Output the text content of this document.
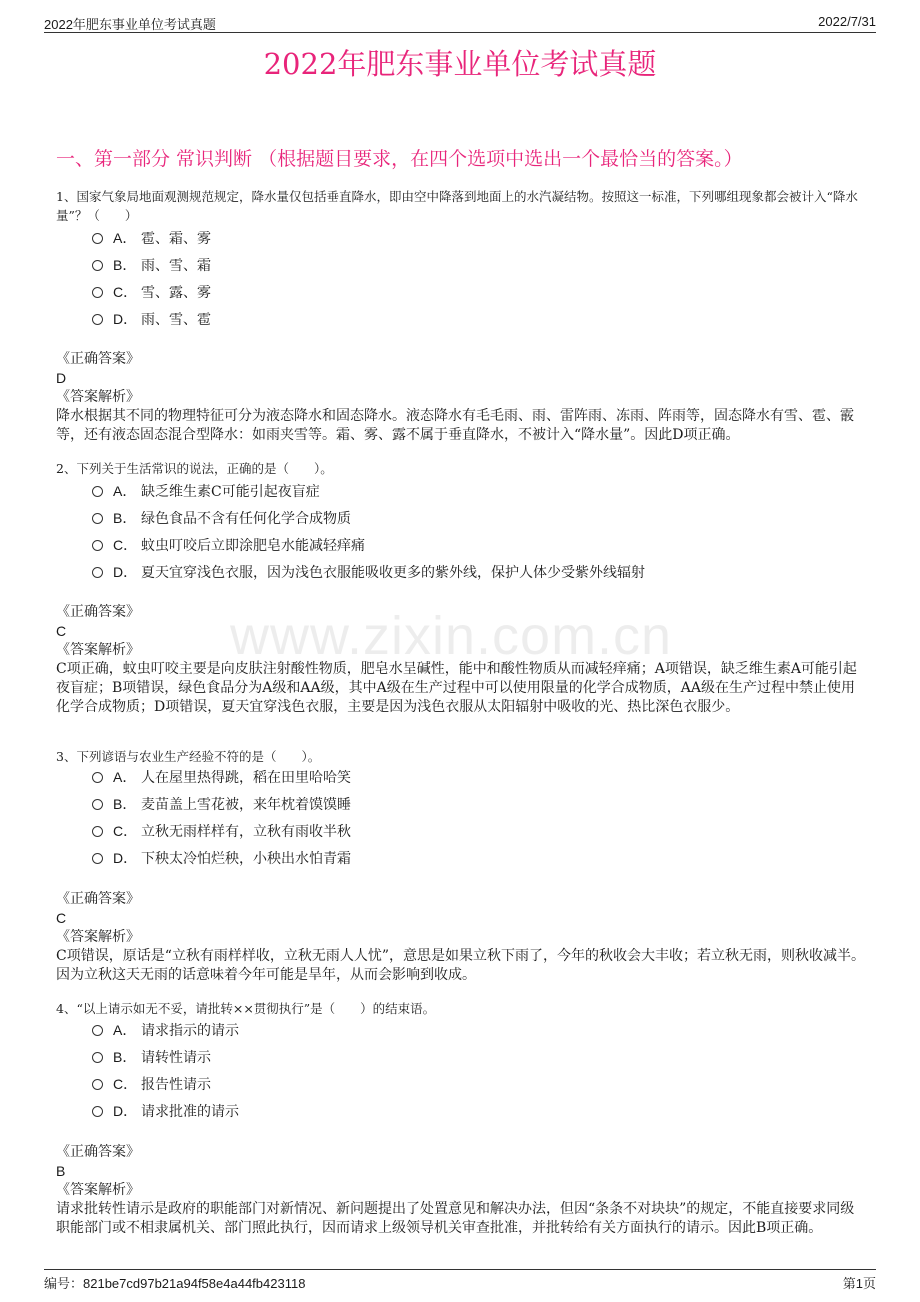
2022年肥东事业单位考试真题	2022/7/31
2022年肥东事业单位考试真题
一、第一部分 常识判断 （根据题目要求，在四个选项中选出一个最恰当的答案。）
www.zixin.com.cn
1、国家气象局地面观测规范规定，降水量仅包括垂直降水，即由空中降落到地面上的水汽凝结物。按照这一标准，下列哪组现象都会被计入“降水量”？（　　）
A． 雹、霜、雾
B． 雨、雪、霜
C． 雪、露、雾
D． 雨、雪、雹
《正确答案》
D
《答案解析》
降水根据其不同的物理特征可分为液态降水和固态降水。液态降水有毛毛雨、雨、雷阵雨、冻雨、阵雨等，固态降水有雪、雹、霰等，还有液态固态混合型降水：如雨夹雪等。霜、雾、露不属于垂直降水，不被计入“降水量”。因此D项正确。
2、下列关于生活常识的说法，正确的是（　　）。
A． 缺乏维生素C可能引起夜盲症
B． 绿色食品不含有任何化学合成物质
C． 蚊虫叮咬后立即涂肥皂水能减轻痒痛
D． 夏天宜穿浅色衣服，因为浅色衣服能吸收更多的紫外线，保护人体少受紫外线辐射
《正确答案》
C
《答案解析》
C项正确，蚊虫叮咬主要是向皮肤注射酸性物质，肥皂水呈碱性，能中和酸性物质从而减轻痒痛；A项错误，缺乏维生素A可能引起夜盲症；B项错误，绿色食品分为A级和AA级，其中A级在生产过程中可以使用限量的化学合成物质，AA级在生产过程中禁止使用化学合成物质；D项错误，夏天宜穿浅色衣服，主要是因为浅色衣服从太阳辐射中吸收的光、热比深色衣服少。
3、下列谚语与农业生产经验不符的是（　　）。
A． 人在屋里热得跳，稻在田里哈哈笑
B． 麦苗盖上雪花被，来年枕着馍馍睡
C． 立秋无雨样样有，立秋有雨收半秋
D． 下秧太冷怕烂秧，小秧出水怕青霜
《正确答案》
C
《答案解析》
C项错误，原话是“立秋有雨样样收，立秋无雨人人忧”，意思是如果立秋下雨了，今年的秋收会大丰收；若立秋无雨，则秋收减半。因为立秋这天无雨的话意味着今年可能是旱年，从而会影响到收成。
4、“以上请示如无不妥，请批转××贯彻执行”是（　　）的结束语。
A． 请求指示的请示
B． 请转性请示
C． 报告性请示
D． 请求批准的请示
《正确答案》
B
《答案解析》
请求批转性请示是政府的职能部门对新情况、新问题提出了处置意见和解决办法，但因“条条不对块块”的规定，不能直接要求同级职能部门或不相隶属机关、部门照此执行，因而请求上级领导机关审查批准，并批转给有关方面执行的请示。因此B项正确。
编号：821be7cd97b21a94f58e4a44fb423118	第1页
